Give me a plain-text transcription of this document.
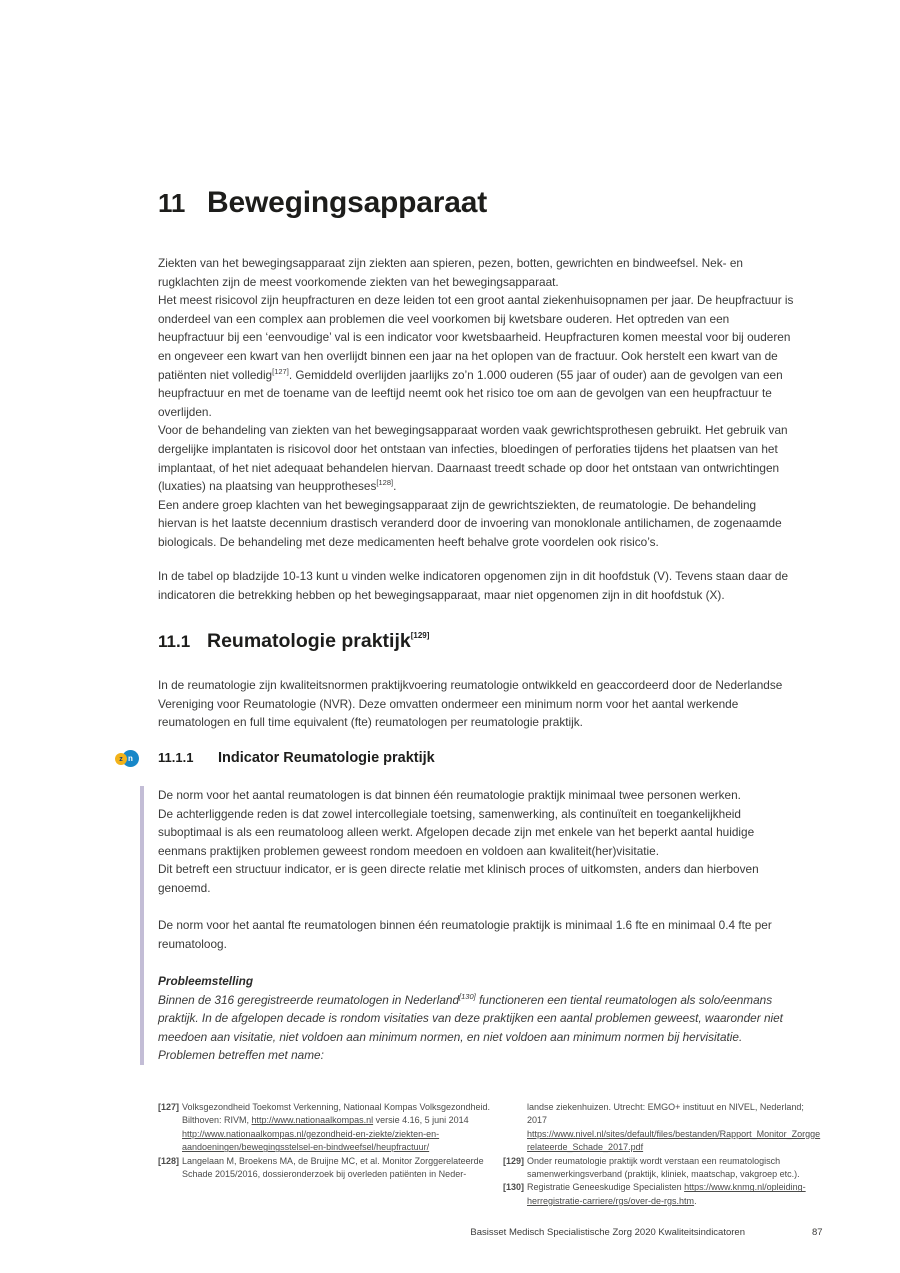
11 Bewegingsapparaat

Ziekten van het bewegingsapparaat zijn ziekten aan spieren, pezen, botten, gewrichten en bindweefsel. Nek- en rugklachten zijn de meest voorkomende ziekten van het bewegingsapparaat.

Het meest risicovol zijn heupfracturen en deze leiden tot een groot aantal ziekenhuisopnamen per jaar. De heupfractuur is onderdeel van een complex aan problemen die veel voorkomen bij kwetsbare ouderen. Het optreden van een heupfractuur bij een ‘eenvoudige’ val is een indicator voor kwetsbaarheid. Heupfracturen komen meestal voor bij ouderen en ongeveer een kwart van hen overlijdt binnen een jaar na het oplopen van de fractuur. Ook herstelt een kwart van de patiënten niet volledig[127]. Gemiddeld overlijden jaarlijks zo’n 1.000 ouderen (55 jaar of ouder) aan de gevolgen van een heupfractuur en met de toename van de leeftijd neemt ook het risico toe om aan de gevolgen van een heupfractuur te overlijden.

Voor de behandeling van ziekten van het bewegingsapparaat worden vaak gewrichtsprothesen gebruikt. Het gebruik van dergelijke implantaten is risicovol door het ontstaan van infecties, bloedingen of perforaties tijdens het plaatsen van het implantaat, of het niet adequaat behandelen hiervan. Daarnaast treedt schade op door het ontstaan van ontwrichtingen (luxaties) na plaatsing van heupprotheses[128].

Een andere groep klachten van het bewegingsapparaat zijn de gewrichtsziekten, de reumatologie. De behandeling hiervan is het laatste decennium drastisch veranderd door de invoering van monoklonale antilichamen, de zogenaamde biologicals. De behandeling met deze medicamenten heeft behalve grote voordelen ook risico’s.

In de tabel op bladzijde 10-13 kunt u vinden welke indicatoren opgenomen zijn in dit hoofdstuk (V). Tevens staan daar de indicatoren die betrekking hebben op het bewegingsapparaat, maar niet opgenomen zijn in dit hoofdstuk (X).

11.1 Reumatologie praktijk[129]

In de reumatologie zijn kwaliteitsnormen praktijkvoering reumatologie ontwikkeld en geaccordeerd door de Nederlandse Vereniging voor Reumatologie (NVR). Deze omvatten ondermeer een minimum norm voor het aantal werkende reumatologen en full time equivalent (fte) reumatologen per reumatologie praktijk.

n
z	11.1.1 Indicator Reumatologie praktijk

De norm voor het aantal reumatologen is dat binnen één reumatologie praktijk minimaal twee personen werken.

De achterliggende reden is dat zowel intercollegiale toetsing, samenwerking, als continuïteit en toegankelijkheid suboptimaal is als een reumatoloog alleen werkt. Afgelopen decade zijn met enkele van het beperkt aantal huidige eenmans praktijken problemen geweest rondom meedoen en voldoen aan kwaliteit(her)visitatie.

Dit betreft een structuur indicator, er is geen directe relatie met klinisch proces of uitkomsten, anders dan hierboven genoemd.

De norm voor het aantal fte reumatologen binnen één reumatologie praktijk is minimaal 1.6 fte en minimaal 0.4 fte per reumatoloog.

Probleemstelling

Binnen de 316 geregistreerde reumatologen in Nederland[130] functioneren een tiental reumatologen als solo/eenmans praktijk. In de afgelopen decade is rondom visitaties van deze praktijken een aantal problemen geweest, waaronder niet meedoen aan visitatie, niet voldoen aan minimum normen, en niet voldoen aan minimum normen bij hervisitatie. Problemen betreffen met name:

[127] Volksgezondheid Toekomst Verkenning, Nationaal Kompas Volksgezondheid. Bilthoven: RIVM, http://www.nationaalkompas.nl versie 4.16, 5 juni 2014 http://www.nationaalkompas.nl/gezondheid-en-ziekte/ziekten-en-aandoeningen/bewegingsstelsel-en-bindweefsel/heupfractuur/
[128] Langelaan M, Broekens MA, de Bruijne MC, et al. Monitor Zorggerelateerde Schade 2015/2016, dossieronderzoek bij overleden patiënten in Neder-
landse ziekenhuizen. Utrecht: EMGO+ instituut en NIVEL, Nederland; 2017 https://www.nivel.nl/sites/default/files/bestanden/Rapport_Monitor_Zorggerelateerde_Schade_2017.pdf
[129] Onder reumatologie praktijk wordt verstaan een reumatologisch samenwerkingsverband (praktijk, kliniek, maatschap, vakgroep etc.).
[130] Registratie Geneeskudige Specialisten https://www.knmg.nl/opleiding-herregistratie-carriere/rgs/over-de-rgs.htm.
Basisset Medisch Specialistische Zorg 2020 Kwaliteitsindicatoren	87
